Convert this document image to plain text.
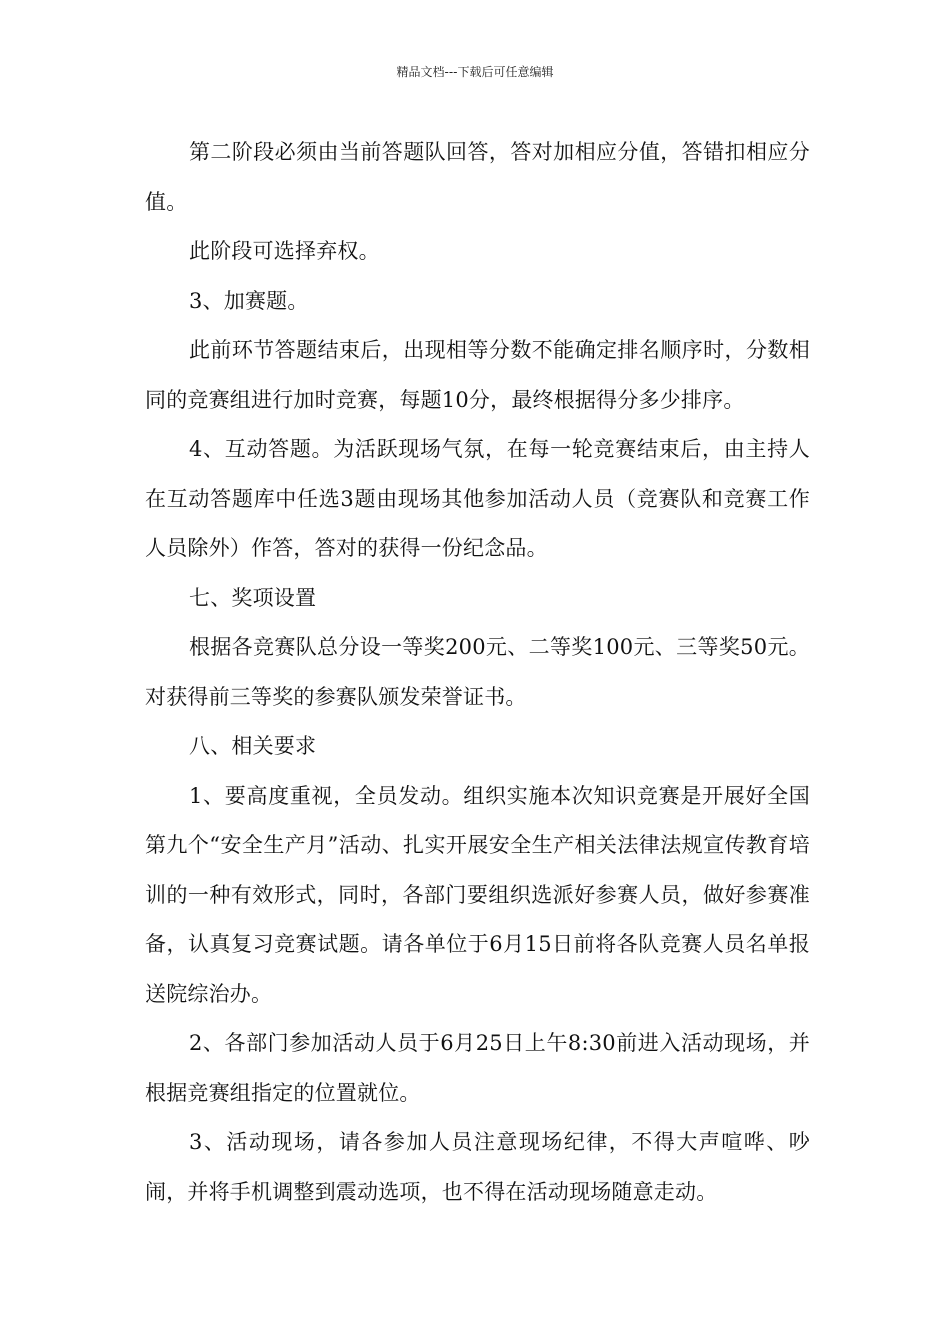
精品文档---下载后可任意编辑

第二阶段必须由当前答题队回答，答对加相应分值，答错扣相应分值。

此阶段可选择弃权。

3、加赛题。

此前环节答题结束后，出现相等分数不能确定排名顺序时，分数相同的竞赛组进行加时竞赛，每题10分，最终根据得分多少排序。

4、互动答题。为活跃现场气氛，在每一轮竞赛结束后，由主持人在互动答题库中任选3题由现场其他参加活动人员（竞赛队和竞赛工作人员除外）作答，答对的获得一份纪念品。

七、奖项设置

根据各竞赛队总分设一等奖200元、二等奖100元、三等奖50元。对获得前三等奖的参赛队颁发荣誉证书。

八、相关要求

1、要高度重视，全员发动。组织实施本次知识竞赛是开展好全国第九个“安全生产月”活动、扎实开展安全生产相关法律法规宣传教育培训的一种有效形式，同时，各部门要组织选派好参赛人员，做好参赛准备，认真复习竞赛试题。请各单位于6月15日前将各队竞赛人员名单报送院综治办。

2、各部门参加活动人员于6月25日上午8:30前进入活动现场，并根据竞赛组指定的位置就位。

3、活动现场，请各参加人员注意现场纪律，不得大声喧哗、吵闹，并将手机调整到震动选项，也不得在活动现场随意走动。
